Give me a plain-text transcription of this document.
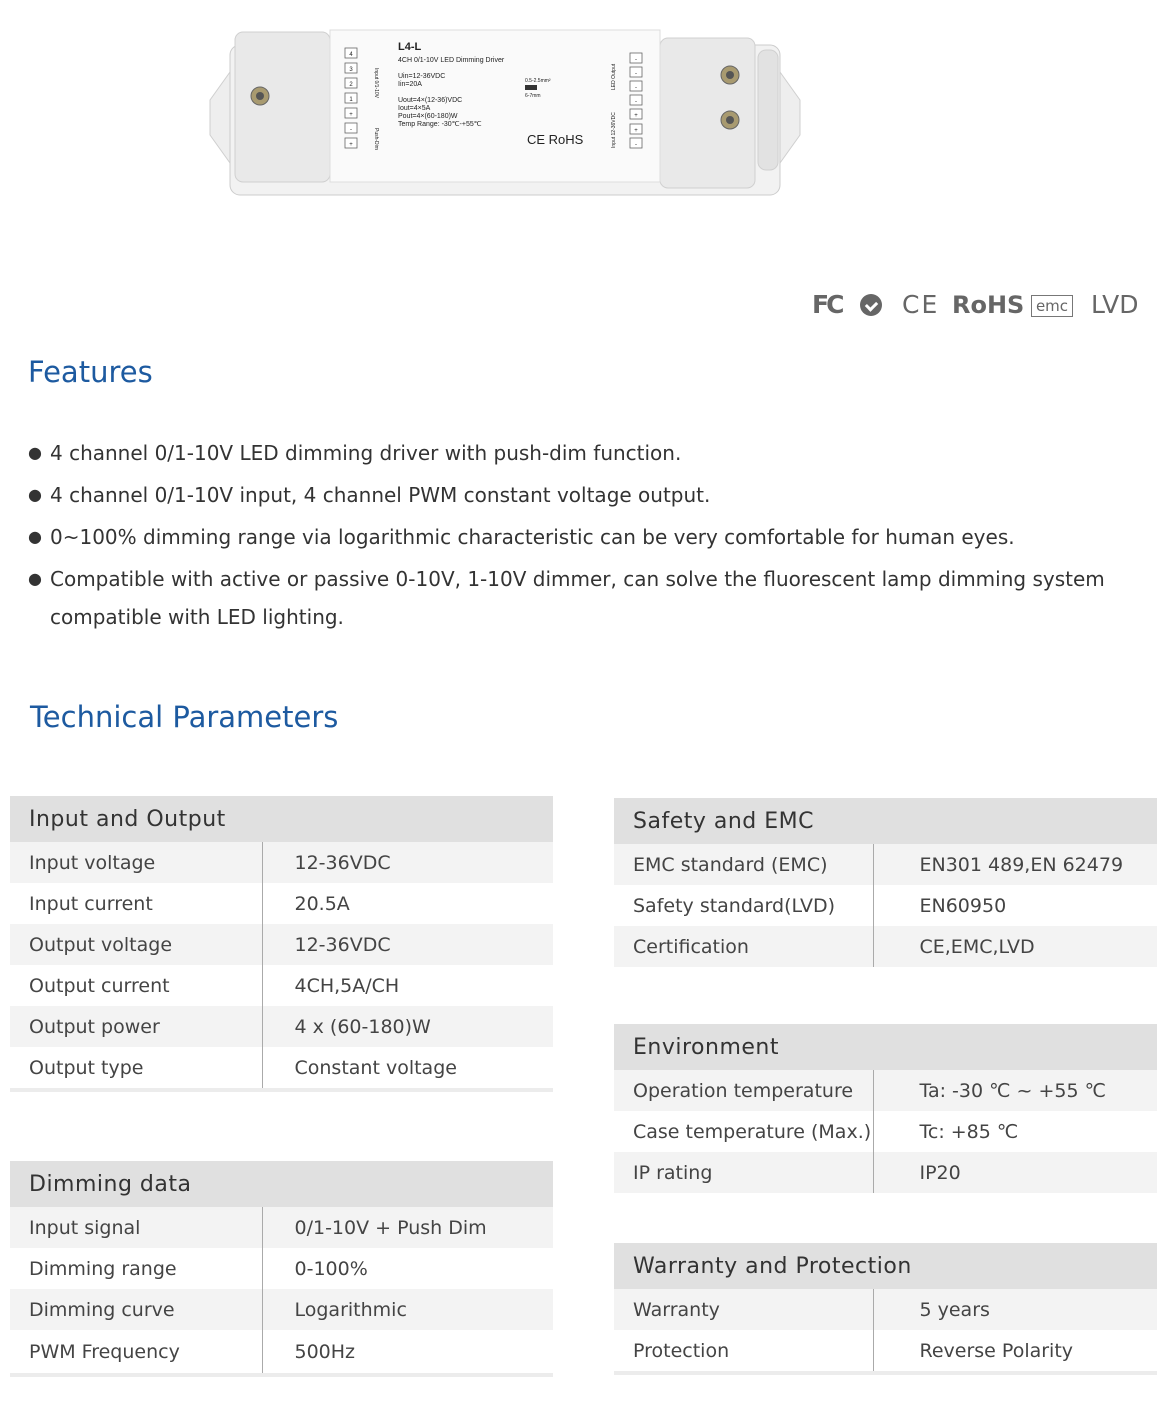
L4-L
4CH 0/1-10V LED Dimming Driver
Uin=12-36VDC
Iin=20A
Uout=4×(12-36)VDC
Iout=4×5A
Pout=4×(60-180)W
Temp Range: -30℃-+55℃
0.5-2.5mm²
6-7mm
CE RoHS
4
3
2
1
+
-
+
-
-
-
-
+
+
-
Input 0/1-10V
Push-Dim
LED Output
Input 12-36VDC
FC CE RoHS emc LVD
Features
● 4 channel 0/1-10V LED dimming driver with push-dim function.
● 4 channel 0/1-10V input, 4 channel PWM constant voltage output.
● 0~100% dimming range via logarithmic characteristic can be very comfortable for human eyes.
● Compatible with active or passive 0-10V, 1-10V dimmer, can solve the fluorescent lamp dimming system compatible with LED lighting.
Technical Parameters
Input and Output	
Input voltage	12-36VDC
Input current	20.5A
Output voltage	12-36VDC
Output current	4CH,5A/CH
Output power	4 x (60-180)W
Output type	Constant voltage

Dimming data	
Input signal	0/1-10V + Push Dim
Dimming range	0-100%
Dimming curve	Logarithmic
PWM Frequency	500Hz

Safety and EMC	
EMC standard (EMC)	EN301 489,EN 62479
Safety standard(LVD)	EN60950
Certification	CE,EMC,LVD
Environment	
Operation temperature	Ta: -30 ℃ ~ +55 ℃
Case temperature (Max.)	Tc: +85 ℃
IP rating	IP20
Warranty and Protection	
Warranty	5 years
Protection	Reverse Polarity
